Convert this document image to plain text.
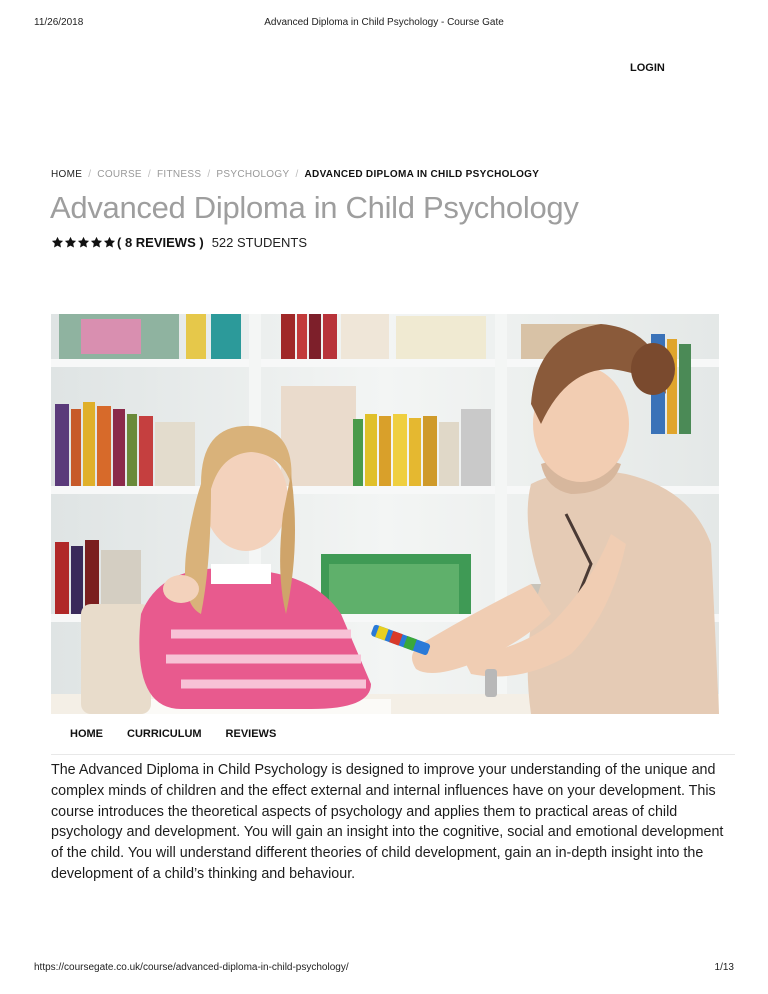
11/26/2018	Advanced Diploma in Child Psychology - Course Gate
LOGIN
HOME / COURSE / FITNESS / PSYCHOLOGY / ADVANCED DIPLOMA IN CHILD PSYCHOLOGY
Advanced Diploma in Child Psychology
( 8 REVIEWS ) 522 STUDENTS
HOME CURRICULUM REVIEWS

The Advanced Diploma in Child Psychology is designed to improve your understanding of the unique and complex minds of children and the effect external and internal influences have on your development. This course introduces the theoretical aspects of psychology and applies them to practical areas of child psychology and development. You will gain an insight into the cognitive, social and emotional development of the child. You will understand different theories of child development, gain an in-depth insight into the development of a child’s thinking and behaviour.

https://coursegate.co.uk/course/advanced-diploma-in-child-psychology/	1/13
